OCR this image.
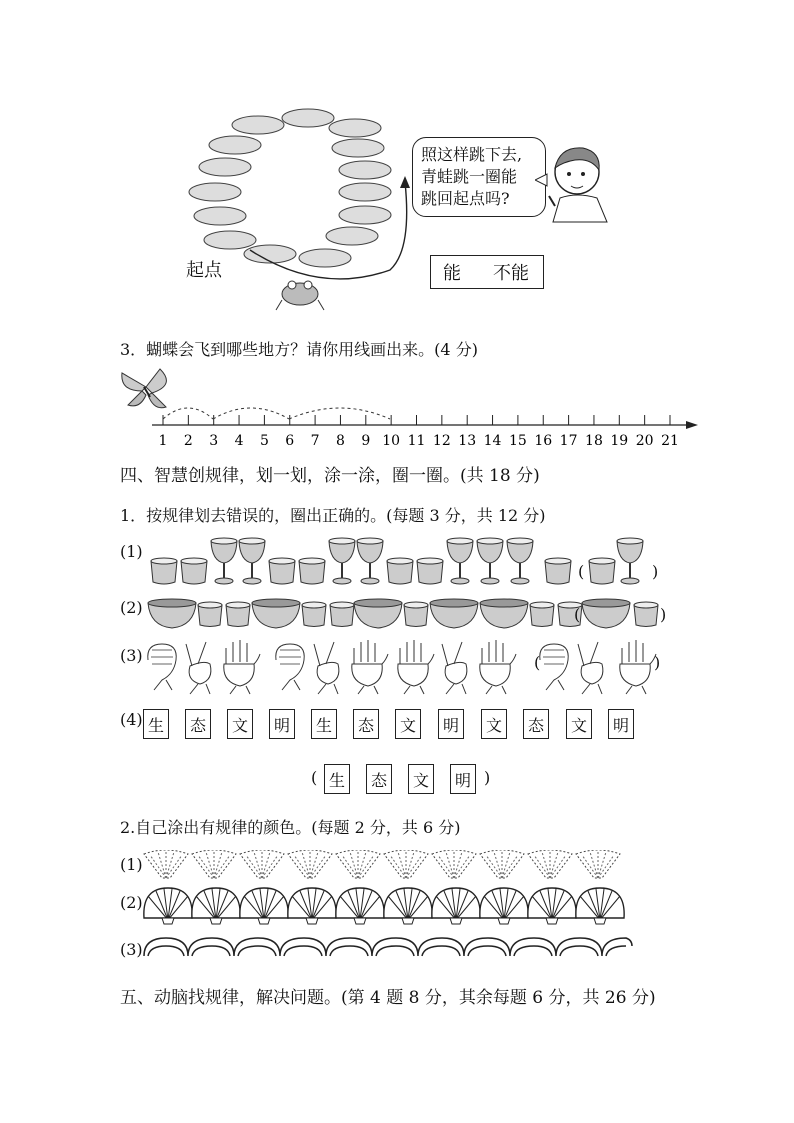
起点
照这样跳下去,
青蛙跳一圈能
跳回起点吗?
能 不能
3．蝴蝶会飞到哪些地方？请你用线画出来。(4 分)
1 2 3 4 5 6 7 8 9 10 11 12 13 14 15 16 17 18 19 20 21
四、智慧创规律，划一划，涂一涂，圈一圈。(共 18 分)
1．按规律划去错误的，圈出正确的。(每题 3 分，共 12 分)
(1)
(	)
(2)	(	)
(3)	(	)
(4) 生	态	文	明	生	态	文	明	文	态	文	明
( 生	态	文	明 )
2.自己涂出有规律的颜色。(每题 2 分，共 6 分)
(1)
(2)
(3)
五、动脑找规律，解决问题。(第 4 题 8 分，其余每题 6 分，共 26 分)
